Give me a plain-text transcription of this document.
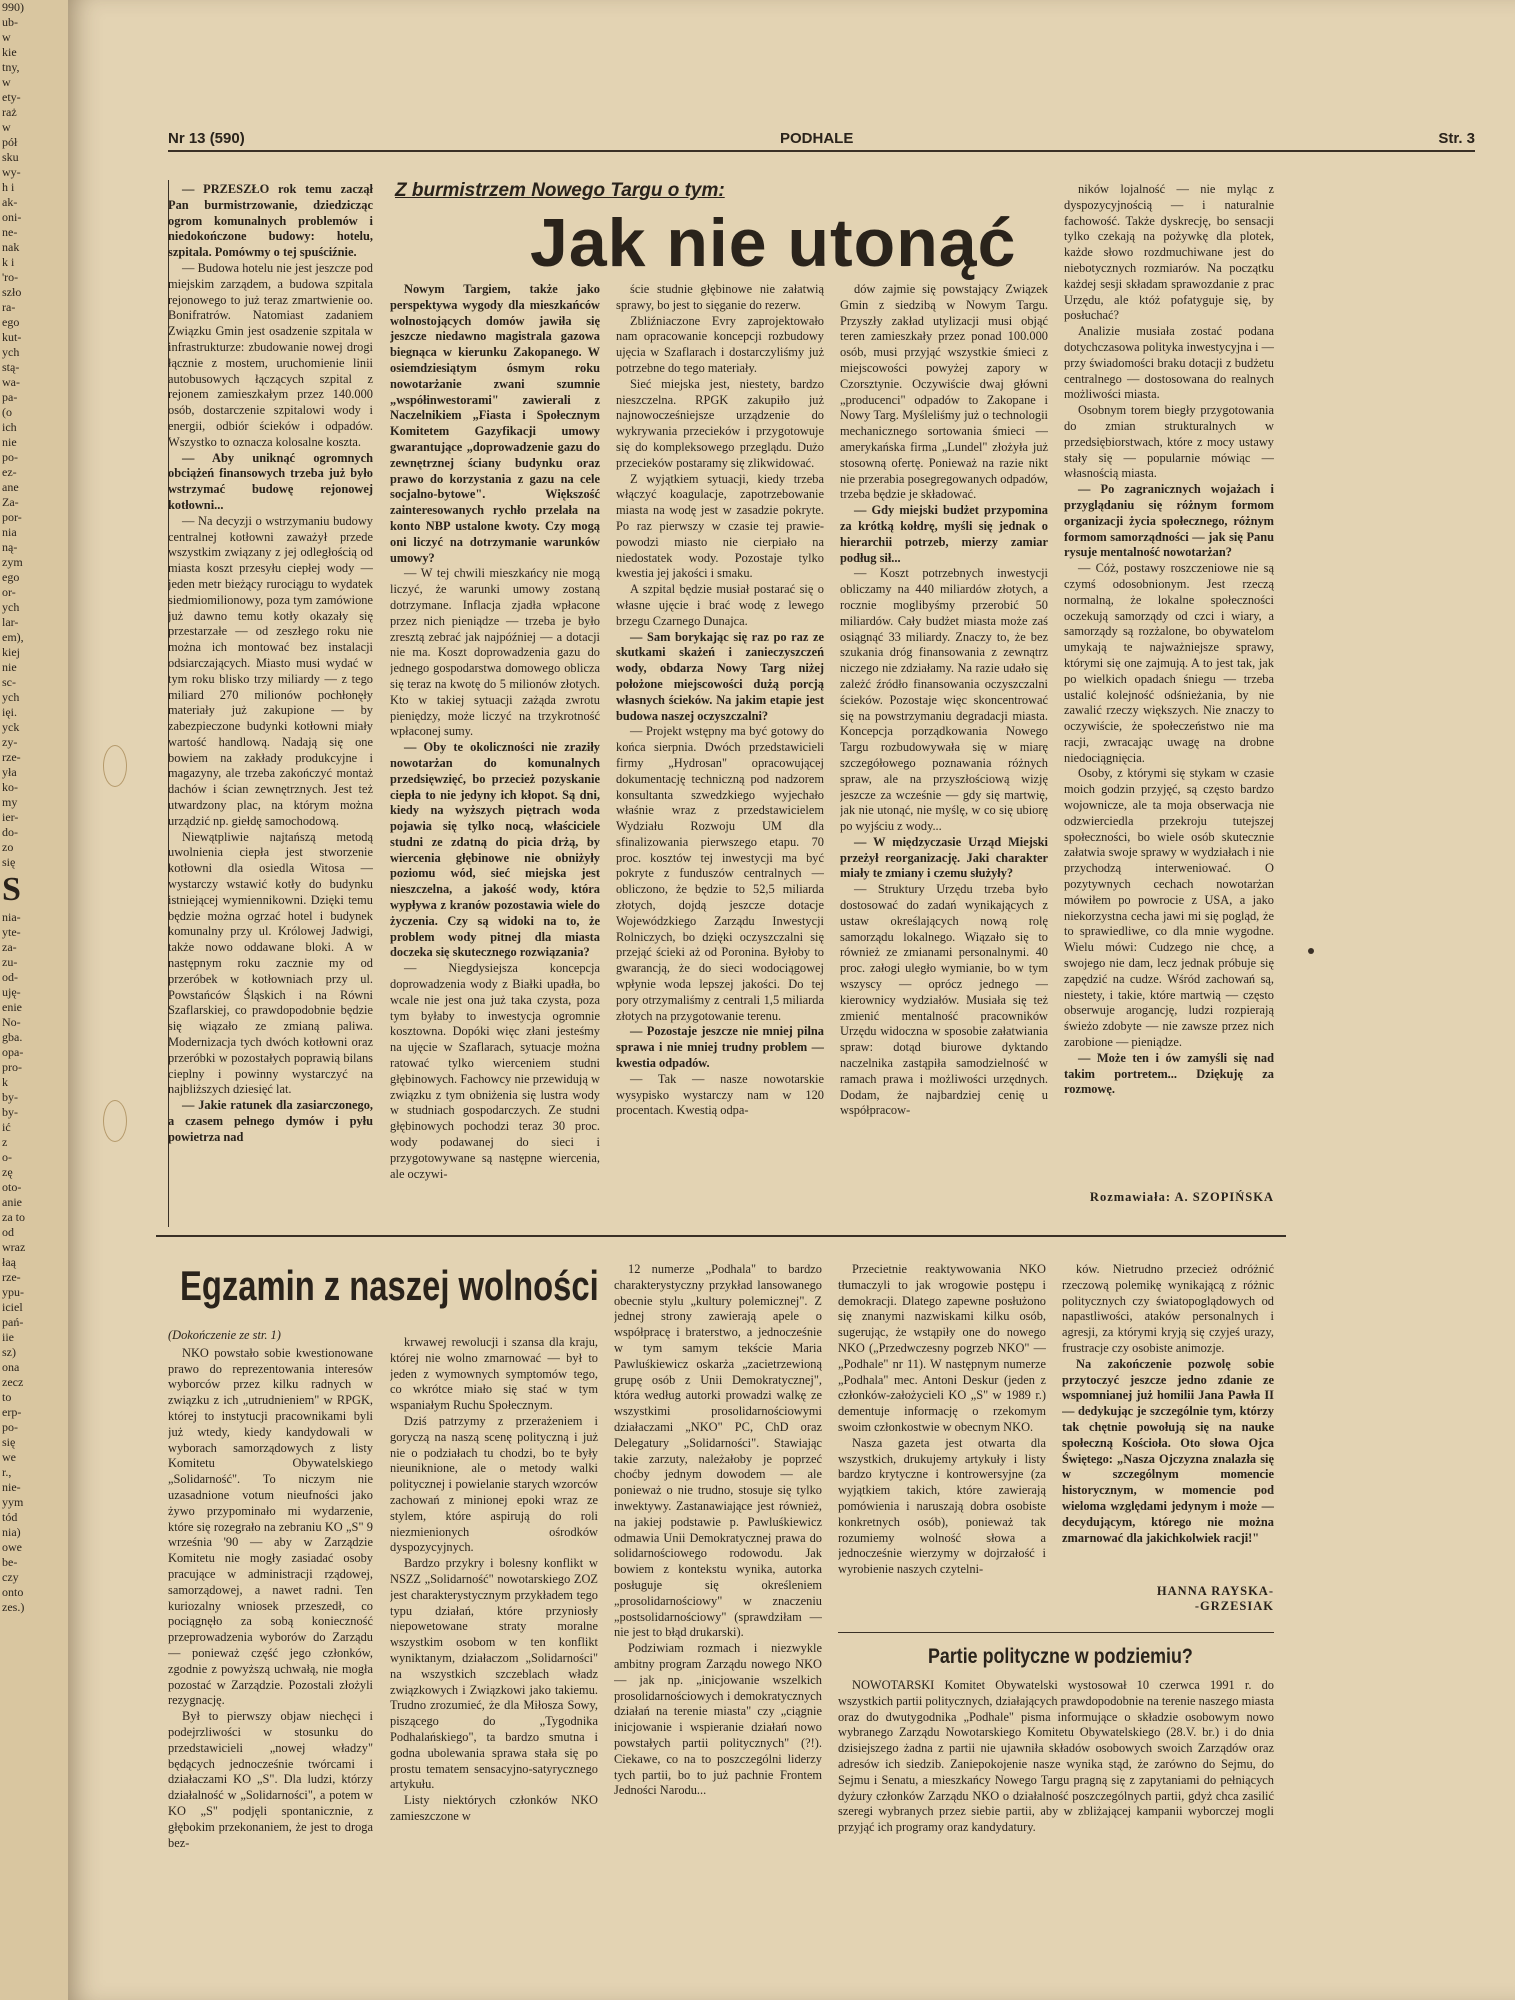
990)
ub-
w
kie
tny,
w
ety-
raż
w
pół
sku
wy-
h i
ak-
oni-
ne-
nak
k i
'ro-
szło
ra-
ego
kut-
ych
stą-
wa-
pa-
(o
ich
nie
po-
ez-
ane
Za-
por-
nia
ną-
zym
ego
or-
ych
lar-
em),
kiej
nie
sc-
ych
ięi.
yck
zy-
rze-
yła
ko-
my
ier-
do-
zo
się
S
nia-
yte-
za-
zu-
od-
uję-
enie
No-
gba.
opa-
pro-
k
by-
by-
ić
z
o-
zę
oto-
anie
za to
od
wraz
łaą
rze-
ypu-
iciel
pań-
iie
sz)
ona
zecz
to
erp-
po-
się
we
r.,
nie-
yym
tód
nia)
owe
be-
czy
onto
zes.)
Nr 13 (590)	PODHALE	Str. 3
Z burmistrzem Nowego Targu o tym:
Jak nie utonąć

— PRZESZŁO rok temu zaczął Pan burmistrzowanie, dziedzicząc ogrom komunalnych problemów i niedokończone budowy: hotelu, szpitala. Pomówmy o tej spuściźnie.

— Budowa hotelu nie jest jeszcze pod miejskim zarządem, a budowa szpitala rejonowego to już teraz zmartwienie oo. Bonifratrów. Natomiast zadaniem Związku Gmin jest osadzenie szpitala w infrastrukturze: zbudowanie nowej drogi łącznie z mostem, uruchomienie linii autobusowych łączących szpital z rejonem zamieszkałym przez 140.000 osób, dostarczenie szpitalowi wody i energii, odbiór ścieków i odpadów. Wszystko to oznacza kolosalne koszta.

— Aby uniknąć ogromnych obciążeń finansowych trzeba już było wstrzymać budowę rejonowej kotłowni...

— Na decyzji o wstrzymaniu budowy centralnej kotłowni zaważył przede wszystkim związany z jej odległością od miasta koszt przesyłu ciepłej wody — jeden metr bieżący rurociągu to wydatek siedmiomilionowy, poza tym zamówione już dawno temu kotły okazały się przestarzałe — od zeszłego roku nie można ich montować bez instalacji odsiarczających. Miasto musi wydać w tym roku blisko trzy miliardy — z tego miliard 270 milionów pochłonęły materiały już zakupione — by zabezpieczone budynki kotłowni miały wartość handlową. Nadają się one bowiem na zakłady produkcyjne i magazyny, ale trzeba zakończyć montaż dachów i ścian zewnętrznych. Jest też utwardzony plac, na którym można urządzić np. giełdę samochodową.

Niewątpliwie najtańszą metodą uwolnienia ciepła jest stworzenie kotłowni dla osiedla Witosa — wystarczy wstawić kotły do budynku istniejącej wymiennikowni. Dzięki temu będzie można ogrzać hotel i budynek komunalny przy ul. Królowej Jadwigi, także nowo oddawane bloki. A w następnym roku zacznie my od przeróbek w kotłowniach przy ul. Powstańców Śląskich i na Równi Szaflarskiej, co prawdopodobnie będzie się wiązało ze zmianą paliwa. Modernizacja tych dwóch kotłowni oraz przeróbki w pozostałych poprawią bilans cieplny i powinny wystarczyć na najbliższych dziesięć lat.

— Jakie ratunek dla zasiarczonego, a czasem pełnego dymów i pyłu powietrza nad

Nowym Targiem, także jako perspektywa wygody dla mieszkańców wolnostojących domów jawiła się jeszcze niedawno magistrala gazowa biegnąca w kierunku Zakopanego. W osiemdziesiątym ósmym roku nowotarżanie zwani szumnie „współinwestorami" zawierali z Naczelnikiem „Fiasta i Społecznym Komitetem Gazyfikacji umowy gwarantujące „doprowadzenie gazu do zewnętrznej ściany budynku oraz prawo do korzystania z gazu na cele socjalno-bytowe". Większość zainteresowanych rychło przelała na konto NBP ustalone kwoty. Czy mogą oni liczyć na dotrzymanie warunków umowy?

— W tej chwili mieszkańcy nie mogą liczyć, że warunki umowy zostaną dotrzymane. Inflacja zjadła wpłacone przez nich pieniądze — trzeba je było zresztą zebrać jak najpóźniej — a dotacji nie ma. Koszt doprowadzenia gazu do jednego gospodarstwa domowego oblicza się teraz na kwotę do 5 milionów złotych. Kto w takiej sytuacji zażąda zwrotu pieniędzy, może liczyć na trzykrotność wpłaconej sumy.

— Oby te okoliczności nie zraziły nowotarżan do komunalnych przedsięwzięć, bo przecież pozyskanie ciepła to nie jedyny ich kłopot. Są dni, kiedy na wyższych piętrach woda pojawia się tylko nocą, właściciele studni ze zdatną do picia drżą, by wiercenia głębinowe nie obniżyły poziomu wód, sieć miejska jest nieszczelna, a jakość wody, która wypływa z kranów pozostawia wiele do życzenia. Czy są widoki na to, że problem wody pitnej dla miasta doczeka się skutecznego rozwiązania?

— Niegdysiejsza koncepcja doprowadzenia wody z Białki upadła, bo wcale nie jest ona już taka czysta, poza tym byłaby to inwestycja ogromnie kosztowna. Dopóki więc złani jesteśmy na ujęcie w Szaflarach, sytuacje można ratować tylko wierceniem studni głębinowych. Fachowcy nie przewidują w związku z tym obniżenia się lustra wody w studniach gospodarczych. Ze studni głębinowych pochodzi teraz 30 proc. wody podawanej do sieci i przygotowywane są następne wiercenia, ale oczywi-

ście studnie głębinowe nie załatwią sprawy, bo jest to sięganie do rezerw.

Zbliźniaczone Evry zaprojektowało nam opracowanie koncepcji rozbudowy ujęcia w Szaflarach i dostarczyliśmy już potrzebne do tego materiały.

Sieć miejska jest, niestety, bardzo nieszczelna. RPGK zakupiło już najnowocześniejsze urządzenie do wykrywania przecieków i przygotowuje się do kompleksowego przeglądu. Dużo przecieków postaramy się zlikwidować.

Z wyjątkiem sytuacji, kiedy trzeba włączyć koagulacje, zapotrzebowanie miasta na wodę jest w zasadzie pokryte. Po raz pierwszy w czasie tej prawie-powodzi miasto nie cierpiało na niedostatek wody. Pozostaje tylko kwestia jej jakości i smaku.

A szpital będzie musiał postarać się o własne ujęcie i brać wodę z lewego brzegu Czarnego Dunajca.

— Sam borykając się raz po raz ze skutkami skażeń i zanieczyszczeń wody, obdarza Nowy Targ niżej położone miejscowości dużą porcją własnych ścieków. Na jakim etapie jest budowa naszej oczyszczalni?

— Projekt wstępny ma być gotowy do końca sierpnia. Dwóch przedstawicieli firmy „Hydrosan" opracowującej dokumentację techniczną pod nadzorem konsultanta szwedzkiego wyjechało właśnie wraz z przedstawicielem Wydziału Rozwoju UM dla sfinalizowania pierwszego etapu. 70 proc. kosztów tej inwestycji ma być pokryte z funduszów centralnych — obliczono, że będzie to 52,5 miliarda złotych, dojdą jeszcze dotacje Wojewódzkiego Zarządu Inwestycji Rolniczych, bo dzięki oczyszczalni się przejąć ścieki aż od Poronina. Byłoby to gwarancją, że do sieci wodociągowej wpłynie woda lepszej jakości. Do tej pory otrzymaliśmy z centrali 1,5 miliarda złotych na przygotowanie terenu.

— Pozostaje jeszcze nie mniej pilna sprawa i nie mniej trudny problem — kwestia odpadów.

— Tak — nasze nowotarskie wysypisko wystarczy nam w 120 procentach. Kwestią odpa-

dów zajmie się powstający Związek Gmin z siedzibą w Nowym Targu. Przyszły zakład utylizacji musi objąć teren zamieszkały przez ponad 100.000 osób, musi przyjąć wszystkie śmieci z miejscowości powyżej zapory w Czorsztynie. Oczywiście dwaj główni „producenci" odpadów to Zakopane i Nowy Targ. Myśleliśmy już o technologii mechanicznego sortowania śmieci — amerykańska firma „Lundel" złożyła już stosowną ofertę. Ponieważ na razie nikt nie przerabia posegregowanych odpadów, trzeba będzie je składować.

— Gdy miejski budżet przypomina za krótką kołdrę, myśli się jednak o hierarchii potrzeb, mierzy zamiar podług sił...

— Koszt potrzebnych inwestycji obliczamy na 440 miliardów złotych, a rocznie moglibyśmy przerobić 50 miliardów. Cały budżet miasta może zaś osiągnąć 33 miliardy. Znaczy to, że bez szukania dróg finansowania z zewnątrz niczego nie zdziałamy. Na razie udało się zależć źródło finansowania oczyszczalni ścieków. Pozostaje więc skoncentrować się na powstrzymaniu degradacji miasta. Koncepcja porządkowania Nowego Targu rozbudowywała się w miarę szczegółowego poznawania różnych spraw, ale na przyszłościową wizję jeszcze za wcześnie — gdy się martwię, jak nie utonąć, nie myślę, w co się ubiorę po wyjściu z wody...

— W międzyczasie Urząd Miejski przeżył reorganizację. Jaki charakter miały te zmiany i czemu służyły?

— Struktury Urzędu trzeba było dostosować do zadań wynikających z ustaw określających nową rolę samorządu lokalnego. Wiązało się to również ze zmianami personalnymi. 40 proc. załogi uległo wymianie, bo w tym wszyscy — oprócz jednego — kierownicy wydziałów. Musiała się też zmienić mentalność pracowników Urzędu widoczna w sposobie załatwiania spraw: dotąd biurowe dyktando naczelnika zastąpiła samodzielność w ramach prawa i możliwości urzędnych. Dodam, że najbardziej cenię u współpracow-

ników lojalność — nie myląc z dyspozycyjnością — i naturalnie fachowość. Także dyskrecję, bo sensacji tylko czekają na pożywkę dla plotek, każde słowo rozdmuchiwane jest do niebotycznych rozmiarów. Na początku każdej sesji składam sprawozdanie z prac Urzędu, ale któż pofatyguje się, by posłuchać?

Analizie musiała zostać podana dotychczasowa polityka inwestycyjna i — przy świadomości braku dotacji z budżetu centralnego — dostosowana do realnych możliwości miasta.

Osobnym torem biegły przygotowania do zmian strukturalnych w przedsiębiorstwach, które z mocy ustawy stały się — popularnie mówiąc — własnością miasta.

— Po zagranicznych wojażach i przyglądaniu się różnym formom organizacji życia społecznego, różnym formom samorządności — jak się Panu rysuje mentalność nowotarżan?

— Cóż, postawy roszczeniowe nie są czymś odosobnionym. Jest rzeczą normalną, że lokalne społeczności oczekują samorządy od czci i wiary, a samorządy są rozżalone, bo obywatelom umykają te najważniejsze sprawy, którymi się one zajmują. A to jest tak, jak po wielkich opadach śniegu — trzeba ustalić kolejność odśnieżania, by nie zawalić rzeczy większych. Nie znaczy to oczywiście, że społeczeństwo nie ma racji, zwracając uwagę na drobne niedociągnięcia.

Osoby, z którymi się stykam w czasie moich godzin przyjęć, są często bardzo wojownicze, ale ta moja obserwacja nie odzwierciedla przekroju tutejszej społeczności, bo wiele osób skutecznie załatwia swoje sprawy w wydziałach i nie przychodzą interweniować. O pozytywnych cechach nowotarżan mówiłem po powrocie z USA, a jako niekorzystna cecha jawi mi się pogląd, że to sprawiedliwe, co dla mnie wygodne. Wielu mówi: Cudzego nie chcę, a swojego nie dam, lecz jednak próbuje się zapędzić na cudze. Wśród zachowań są, niestety, i takie, które martwią — często obserwuje arogancję, ludzi rozpierają świeżo zdobyte — nie zawsze przez nich zarobione — pieniądze.

— Może ten i ów zamyśli się nad takim portretem... Dziękuję za rozmowę.

Rozmawiała: A. SZOPIŃSKA
Egzamin z naszej wolności
(Dokończenie ze str. 1)

NKO powstało sobie kwestionowane prawo do reprezentowania interesów wyborców przez kilku radnych w związku z ich „utrudnieniem" w RPGK, której to instytucji pracownikami byli już wtedy, kiedy kandydowali w wyborach samorządowych z listy Komitetu Obywatelskiego „Solidarność". To niczym nie uzasadnione votum nieufności jako żywo przypominało mi wydarzenie, które się rozegrało na zebraniu KO „S" 9 września '90 — aby w Zarządzie Komitetu nie mogły zasiadać osoby pracujące w administracji rządowej, samorządowej, a nawet radni. Ten kuriozalny wniosek przeszedł, co pociągnęło za sobą konieczność przeprowadzenia wyborów do Zarządu — ponieważ część jego członków, zgodnie z powyższą uchwałą, nie mogła pozostać w Zarządzie. Pozostali złożyli rezygnację.

Był to pierwszy objaw niechęci i podejrzliwości w stosunku do przedstawicieli „nowej władzy" będących jednocześnie twórcami i działaczami KO „S". Dla ludzi, którzy działalność w „Solidarności", a potem w KO „S" podjęli spontanicznie, z głębokim przekonaniem, że jest to droga bez-

krwawej rewolucji i szansa dla kraju, której nie wolno zmarnować — był to jeden z wymownych symptomów tego, co wkrótce miało się stać w tym wspaniałym Ruchu Społecznym.

Dziś patrzymy z przerażeniem i goryczą na naszą scenę polityczną i już nie o podziałach tu chodzi, bo te były nieuniknione, ale o metody walki politycznej i powielanie starych wzorców zachowań z minionej epoki wraz ze stylem, które aspirują do roli niezmienionych ośrodków dyspozycyjnych.

Bardzo przykry i bolesny konflikt w NSZZ „Solidarność" nowotarskiego ZOZ jest charakterystycznym przykładem tego typu działań, które przyniosły niepowetowane straty moralne wszystkim osobom w ten konflikt wyniktanym, działaczom „Solidarności" na wszystkich szczeblach władz związkowych i Związkowi jako takiemu. Trudno zrozumieć, że dla Miłosza Sowy, piszącego do „Tygodnika Podhalańskiego", ta bardzo smutna i godna ubolewania sprawa stała się po prostu tematem sensacyjno-satyrycznego artykułu.

Listy niektórych członków NKO zamieszczone w

12 numerze „Podhala" to bardzo charakterystyczny przykład lansowanego obecnie stylu „kultury polemicznej". Z jednej strony zawierają apele o współpracę i braterstwo, a jednocześnie w tym samym tekście Maria Pawluśkiewicz oskarża „zacietrzewioną grupę osób z Unii Demokratycznej", która według autorki prowadzi walkę ze wszystkimi prosolidarnościowymi działaczami „NKO" PC, ChD oraz Delegatury „Solidarności". Stawiając takie zarzuty, należałoby je poprzeć choćby jednym dowodem — ale ponieważ o nie trudno, stosuje się tylko inwektywy. Zastanawiające jest również, na jakiej podstawie p. Pawluśkiewicz odmawia Unii Demokratycznej prawa do solidarnościowego rodowodu. Jak bowiem z kontekstu wynika, autorka posługuje się określeniem „prosolidarnościowy" w znaczeniu „postsolidarnościowy" (sprawdziłam — nie jest to błąd drukarski).

Podziwiam rozmach i niezwykle ambitny program Zarządu nowego NKO — jak np. „inicjowanie wszelkich prosolidarnościowych i demokratycznych działań na terenie miasta" czy „ciągnie inicjowanie i wspieranie działań nowo powstałych partii politycznych" (?!). Ciekawe, co na to poszczególni liderzy tych partii, bo to już pachnie Frontem Jedności Narodu...

Przecietnie reaktywowania NKO tłumaczyli to jak wrogowie postępu i demokracji. Dlatego zapewne posłużono się znanymi nazwiskami kilku osób, sugerując, że wstąpiły one do nowego NKO („Przedwczesny pogrzeb NKO" — „Podhale" nr 11). W następnym numerze „Podhala" mec. Antoni Deskur (jeden z członków-założycieli KO „S" w 1989 r.) dementuje informację o rzekomym swoim członkostwie w obecnym NKO.

Nasza gazeta jest otwarta dla wszystkich, drukujemy artykuły i listy bardzo krytyczne i kontrowersyjne (za wyjątkiem takich, które zawierają pomówienia i naruszają dobra osobiste konkretnych osób), ponieważ tak rozumiemy wolność słowa a jednocześnie wierzymy w dojrzałość i wyrobienie naszych czytelni-

ków. Nietrudno przecież odróżnić rzeczową polemikę wynikającą z różnic politycznych czy światopoglądowych od napastliwości, ataków personalnych i agresji, za którymi kryją się czyjeś urazy, frustracje czy osobiste animozje.

Na zakończenie pozwolę sobie przytoczyć jeszcze jedno zdanie ze wspomnianej już homilii Jana Pawła II — dedykując je szczególnie tym, którzy tak chętnie powołują się na nauke społeczną Kościoła. Oto słowa Ojca Świętego: „Nasza Ojczyzna znalazła się w szczególnym momencie historycznym, w momencie pod wieloma względami jedynym i może — decydującym, którego nie można zmarnować dla jakichkolwiek racji!"

HANNA RAYSKA-
-GRZESIAK
Partie polityczne w podziemiu?

NOWOTARSKI Komitet Obywatelski wystosował 10 czerwca 1991 r. do wszystkich partii politycznych, działających prawdopodobnie na terenie naszego miasta oraz do dwutygodnika „Podhale" pisma informujące o składzie osobowym nowo wybranego Zarządu Nowotarskiego Komitetu Obywatelskiego (28.V. br.) i do dnia dzisiejszego żadna z partii nie ujawniła składów osobowych swoich Zarządów oraz adresów ich siedzib. Zaniepokojenie nasze wynika stąd, że zarówno do Sejmu, do Sejmu i Senatu, a mieszkańcy Nowego Targu pragną się z zapytaniami do pełniących dyżury członków Zarządu NKO o działalność poszczególnych partii, gdyż chca zasilić szeregi wybranych przez siebie partii, aby w zbliżającej kampanii wyborczej mogli przyjąć ich programy oraz kandydatury.
